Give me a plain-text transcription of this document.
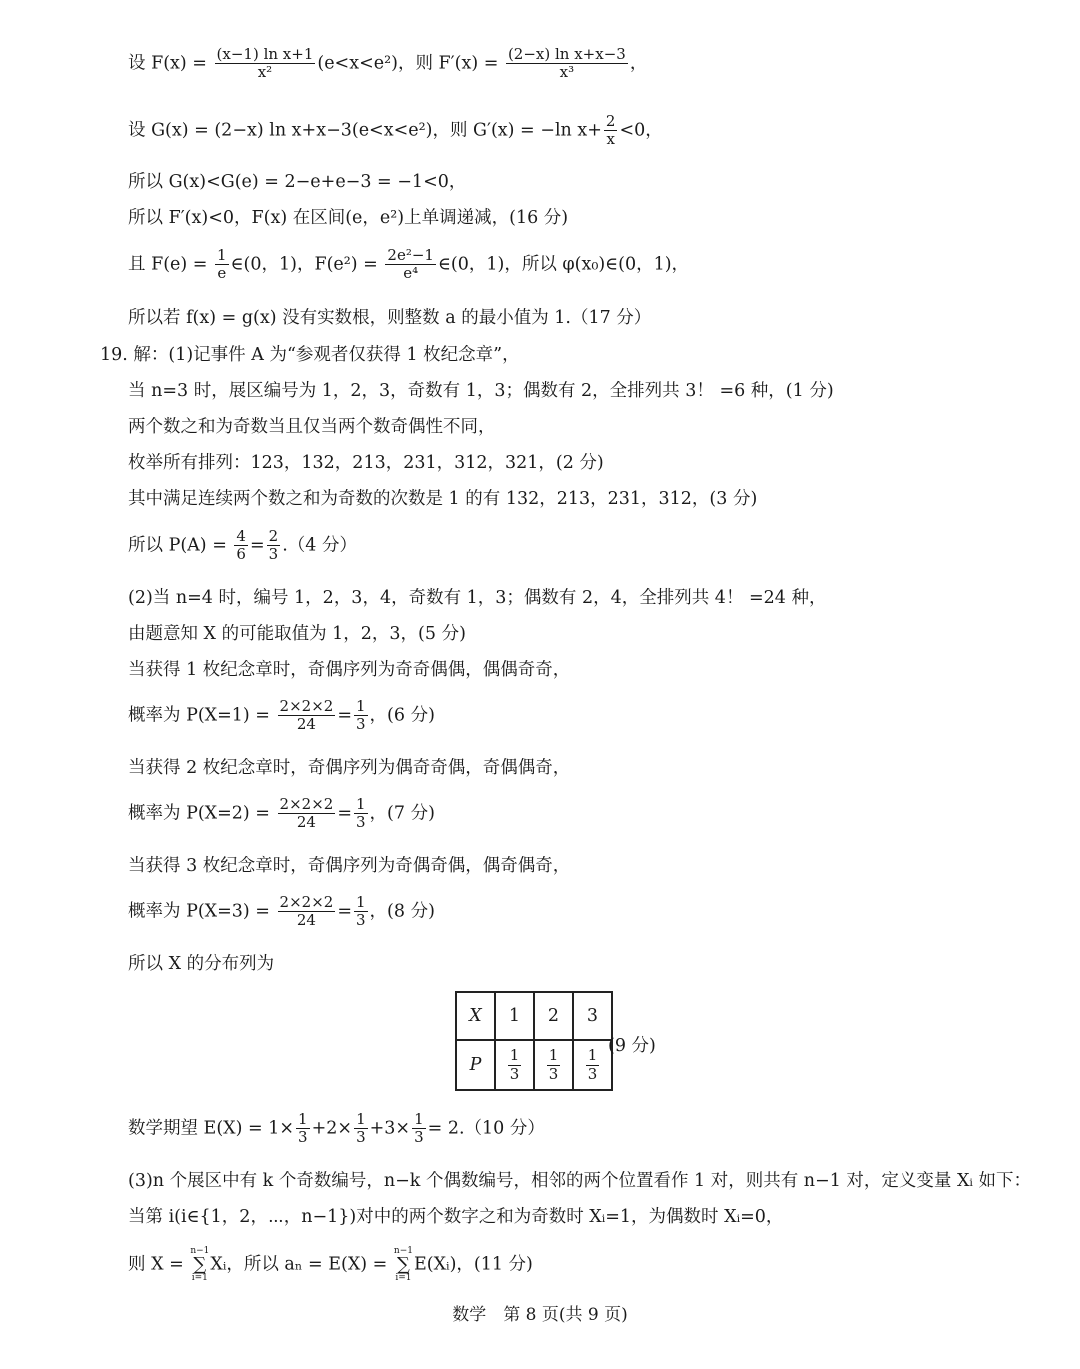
设 $F(x) = \frac{\text{(x−1) ln x+1}}{\text{x²}} (e<x<e^2)$，则 $F'(x) = \frac{\text{(2−x) ln x+x−3}}{\text{x³}}$ ，
设 G(x) = (2−x) ln x+x−3(e<x<e²)，则 G′(x) = −ln $x+ \frac{2}{x} <0$，
所以 G(x)<G(e) = 2−e+e−3 = −1<0，
所以 F′(x)<0，F(x) 在区间(e，e²)上单调递减，(16 分)
且 $F(e) = \frac{1}{e}$ ∈(0，1)，$F(e^2) = \frac{\text{2e²−1}}{\text{e⁴}}$ ∈(0，1)，所以 φ(x₀)∈(0，1)，
所以若 f(x) = g(x) 没有实数根，则整数 a 的最小值为 1.（17 分）
19. 解：(1)记事件 A 为“参观者仅获得 1 枚纪念章”，
当 n=3 时，展区编号为 1，2，3，奇数有 1，3；偶数有 2，全排列共 3！ =6 种，(1 分)
两个数之和为奇数当且仅当两个数奇偶性不同，
枚举所有排列：123，132，213，231，312，321，(2 分)
其中满足连续两个数之和为奇数的次数是 1 的有 132，213，231，312，(3 分)
所以 $P(A) = \frac{4}{6} = \frac{2}{3} .(4$ 分）
(2)当 n=4 时，编号 1，2，3，4，奇数有 1，3；偶数有 2，4，全排列共 4！ =24 种，
由题意知 X 的可能取值为 1，2，3，(5 分)
当获得 1 枚纪念章时，奇偶序列为奇奇偶偶，偶偶奇奇，
概率为 $P(X=1) = \frac{2\times 2\times 2}{24} = \frac{1}{3}$ ，(6 分)
当获得 2 枚纪念章时，奇偶序列为偶奇奇偶，奇偶偶奇，
概率为 $P(X=2) = \frac{2\times 2\times 2}{24} = \frac{1}{3}$ ，(7 分)
当获得 3 枚纪念章时，奇偶序列为奇偶奇偶，偶奇偶奇，
概率为 $P(X=3) = \frac{2\times 2\times 2}{24} = \frac{1}{3}$ ，(8 分)
所以 X 的分布列为
X	1	2	3
P	$\frac{1}{3}$	$\frac{1}{3}$	$\frac{1}{3}$
(9 分)
数学期望 $E(X) = 1\times \frac{1}{3} +2\times \frac{1}{3} +3\times \frac{1}{3} = 2.(10$ 分）
(3)n 个展区中有 k 个奇数编号，n−k 个偶数编号，相邻的两个位置看作 1 对，则共有 n−1 对，定义变量 Xᵢ 如下：
当第 i(i∈{1，2，⋯，n−1})对中的两个数字之和为奇数时 Xᵢ=1，为偶数时 Xᵢ=0，
则 X =
n−1
∑
i=1
Xᵢ，所以 aₙ = E(X) =
n−1
∑
i=1
E(Xᵢ)，(11 分)
数学　第 8 页(共 9 页)
